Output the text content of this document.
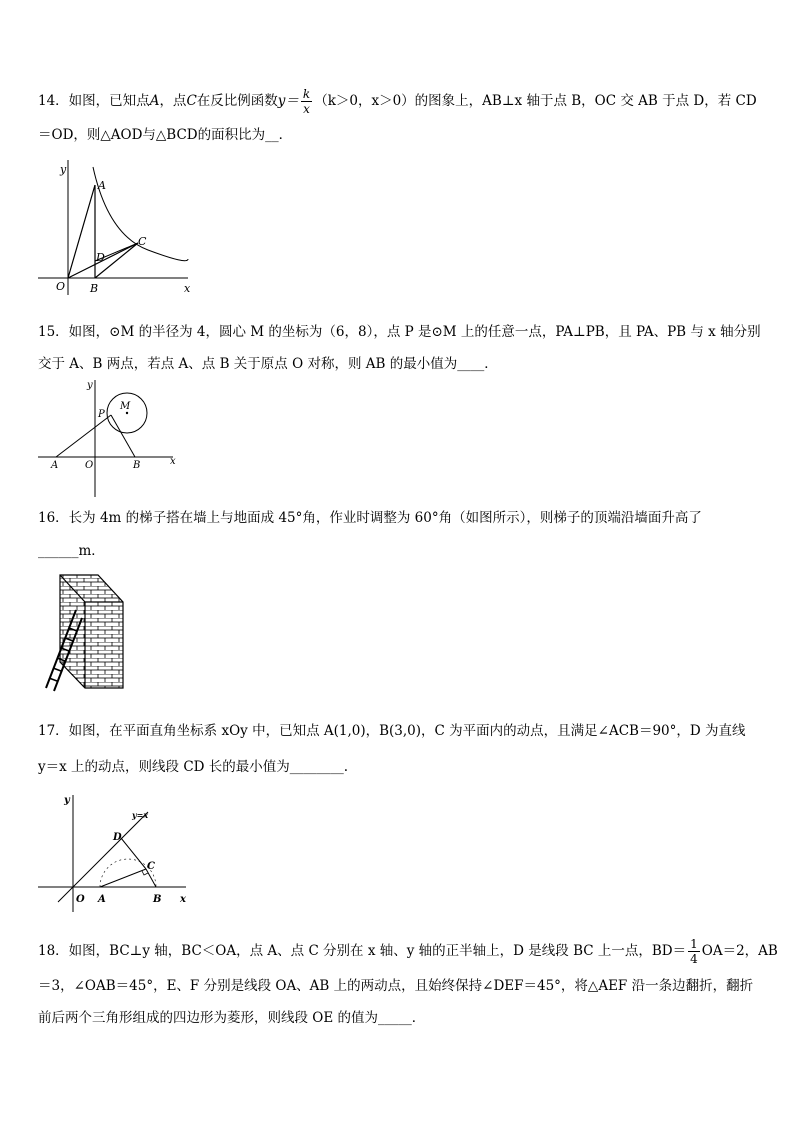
14．如图，已知点A，点C在反比例函数$y= \frac{k}{x} (k>0$，x＞0）的图象上，AB⊥x 轴于点 B，OC 交 AB 于点 D，若 CD
＝OD，则△AOD与△BCD的面积比为__．
y
x
O
A
B
C
D
15．如图，⊙M 的半径为 4，圆心 M 的坐标为（6，8），点 P 是⊙M 上的任意一点，PA⊥PB，且 PA、PB 与 x 轴分别
交于 A、B 两点，若点 A、点 B 关于原点 O 对称，则 AB 的最小值为____．
y
x
O
A	B
P
M
16．长为 4m 的梯子搭在墙上与地面成 45°角，作业时调整为 60°角（如图所示），则梯子的顶端沿墙面升高了
______m．
17．如图，在平面直角坐标系 xOy 中，已知点 A(1,0)，B(3,0)，C 为平面内的动点，且满足∠ACB＝90°，D 为直线
y＝x 上的动点，则线段 CD 长的最小值为________.
y
x
O A	B
C
D
y=x
18．如图，BC⊥y 轴，BC＜OA，点 A、点 C 分别在 x 轴、y 轴的正半轴上，D 是线段 BC 上一点，$BD= \frac{1}{4} OA=2$，AB
＝3，∠OAB＝45°，E、F 分别是线段 OA、AB 上的两动点，且始终保持∠DEF＝45°，将△AEF 沿一条边翻折，翻折
前后两个三角形组成的四边形为菱形，则线段 OE 的值为_____．
